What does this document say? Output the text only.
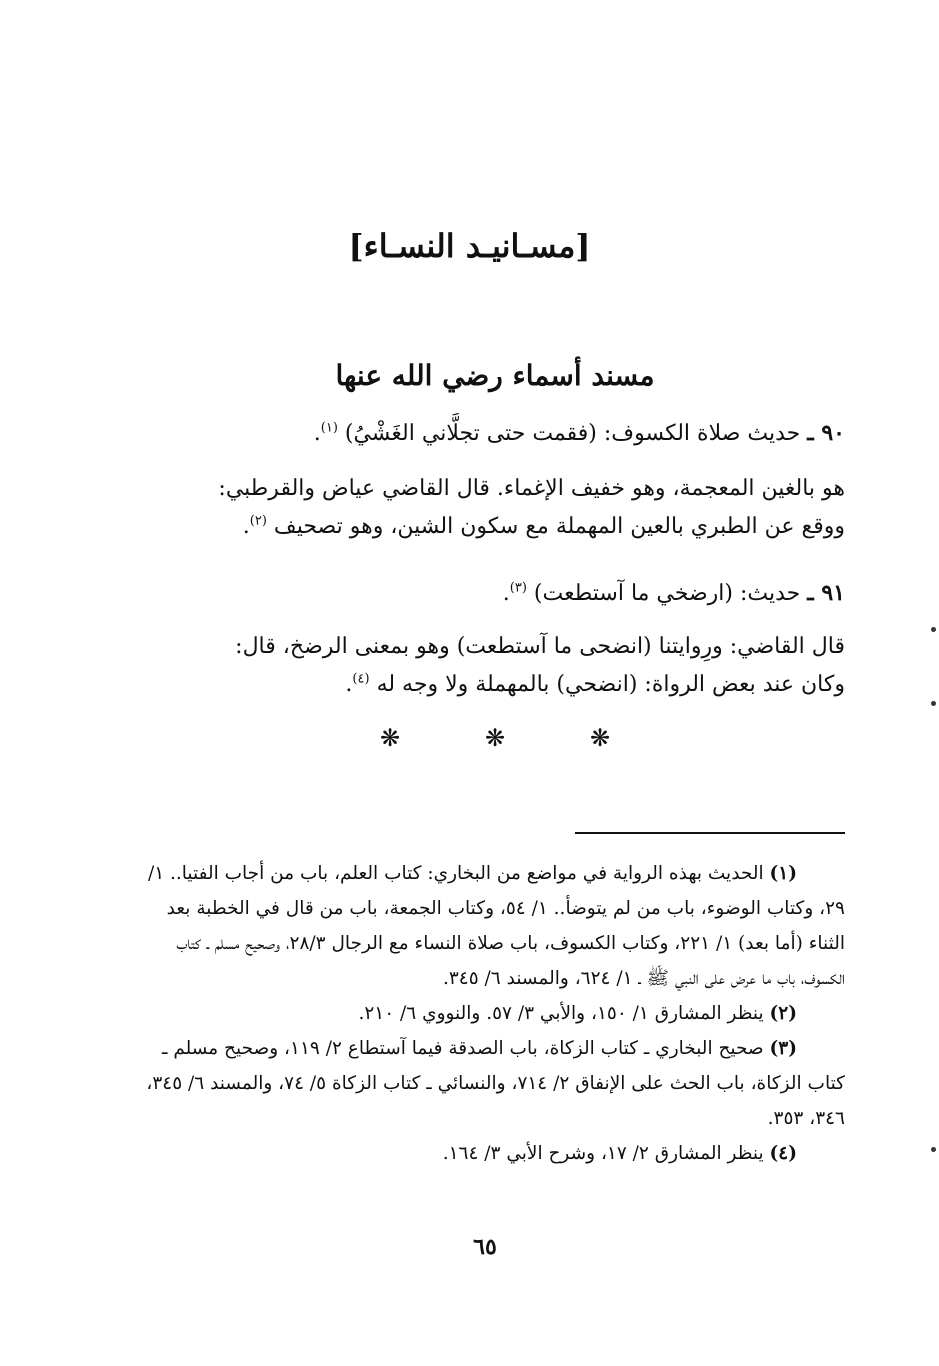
[مسـانيـد النسـاء]
مسند أسماء رضي الله عنها

٩٠ ـ حديث صلاة الكسوف: (فقمت حتى تجلَّاني الغَشْيُ) $^{(١)}$.

هو بالغين المعجمة، وهو خفيف الإغماء. قال القاضي عياض والقرطبي:

ووقع عن الطبري بالعين المهملة مع سكون الشين، وهو تصحيف $^{(٢)}$.

٩١ ـ حديث: (ارضخي ما آستطعت) $^{(٣)}$.

قال القاضي: ورِوايتنا (انضحى ما آستطعت) وهو بمعنى الرضخ، قال:

وكان عند بعض الرواة: (انضحي) بالمهملة ولا وجه له $^{(٤)}$.

❋	❋	❋

(١) الحديث بهذه الرواية في مواضع من البخاري: كتاب العلم، باب من أجاب الفتيا.. ١/ ٢٩، وكتاب الوضوء، باب من لم يتوضأ.. ١/ ٥٤، وكتاب الجمعة، باب من قال في الخطبة بعد الثناء (أما بعد) ١/ ٢٢١، وكتاب الكسوف، باب صلاة النساء مع الرجال ٢٨/٣، وصحيح مسلم ـ كتاب الكسوف، باب ما عرض على النبي ﷺ ـ ١/ ٦٢٤، والمسند ٦/ ٣٤٥.

(٢) ينظر المشارق ١/ ١٥٠، والأبي ٣/ ٥٧. والنووي ٦/ ٢١٠.

(٣) صحيح البخاري ـ كتاب الزكاة، باب الصدقة فيما آستطاع ٢/ ١١٩، وصحيح مسلم ـ كتاب الزكاة، باب الحث على الإنفاق ٢/ ٧١٤، والنسائي ـ كتاب الزكاة ٥/ ٧٤، والمسند ٦/ ٣٤٥، ٣٤٦، ٣٥٣.

(٤) ينظر المشارق ٢/ ١٧، وشرح الأبي ٣/ ١٦٤.

٦٥
